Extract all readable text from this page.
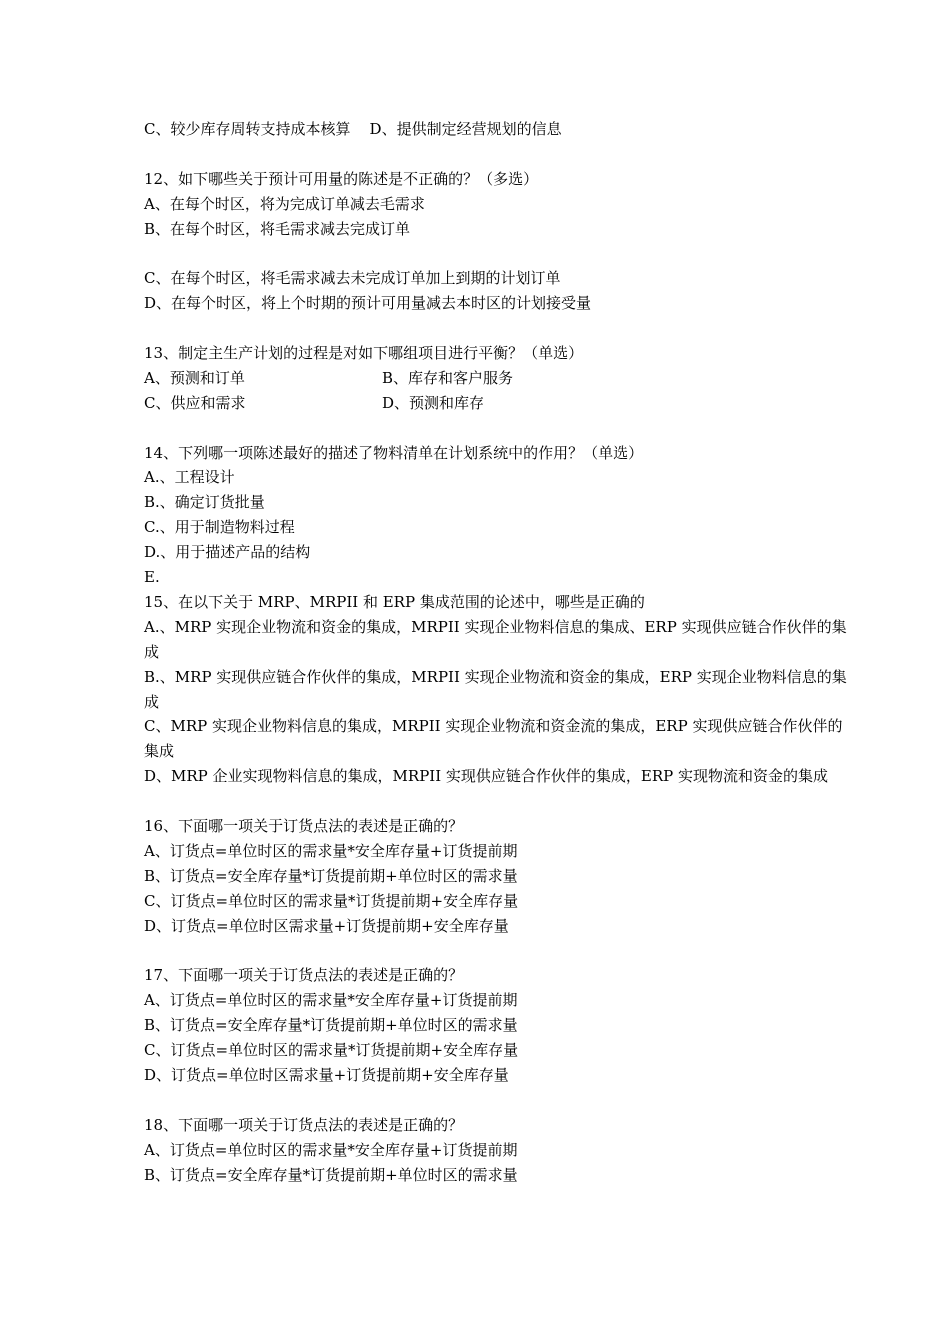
C、较少库存周转支持成本核算    D、提供制定经营规划的信息
12、如下哪些关于预计可用量的陈述是不正确的？（多选）
A、在每个时区，将为完成订单减去毛需求
B、在每个时区，将毛需求减去完成订单
C、在每个时区，将毛需求减去未完成订单加上到期的计划订单
D、在每个时区，将上个时期的预计可用量减去本时区的计划接受量
13、制定主生产计划的过程是对如下哪组项目进行平衡？（单选）
A、预测和订单	B、库存和客户服务
C、供应和需求	D、预测和库存
14、下列哪一项陈述最好的描述了物料清单在计划系统中的作用？（单选）
A.、工程设计
B.、确定订货批量
C.、用于制造物料过程
D.、用于描述产品的结构
E.
15、在以下关于 MRP、MRPII 和 ERP 集成范围的论述中，哪些是正确的
A.、MRP 实现企业物流和资金的集成，MRPII 实现企业物料信息的集成、ERP 实现供应链合作伙伴的集成
B.、MRP 实现供应链合作伙伴的集成，MRPII 实现企业物流和资金的集成，ERP 实现企业物料信息的集成
C、MRP 实现企业物料信息的集成，MRPII 实现企业物流和资金流的集成，ERP 实现供应链合作伙伴的集成
D、MRP 企业实现物料信息的集成，MRPII 实现供应链合作伙伴的集成，ERP 实现物流和资金的集成
16、下面哪一项关于订货点法的表述是正确的？
A、订货点=单位时区的需求量*安全库存量+订货提前期
B、订货点=安全库存量*订货提前期+单位时区的需求量
C、订货点=单位时区的需求量*订货提前期+安全库存量
D、订货点=单位时区需求量+订货提前期+安全库存量
17、下面哪一项关于订货点法的表述是正确的？
A、订货点=单位时区的需求量*安全库存量+订货提前期
B、订货点=安全库存量*订货提前期+单位时区的需求量
C、订货点=单位时区的需求量*订货提前期+安全库存量
D、订货点=单位时区需求量+订货提前期+安全库存量
18、下面哪一项关于订货点法的表述是正确的？
A、订货点=单位时区的需求量*安全库存量+订货提前期
B、订货点=安全库存量*订货提前期+单位时区的需求量
